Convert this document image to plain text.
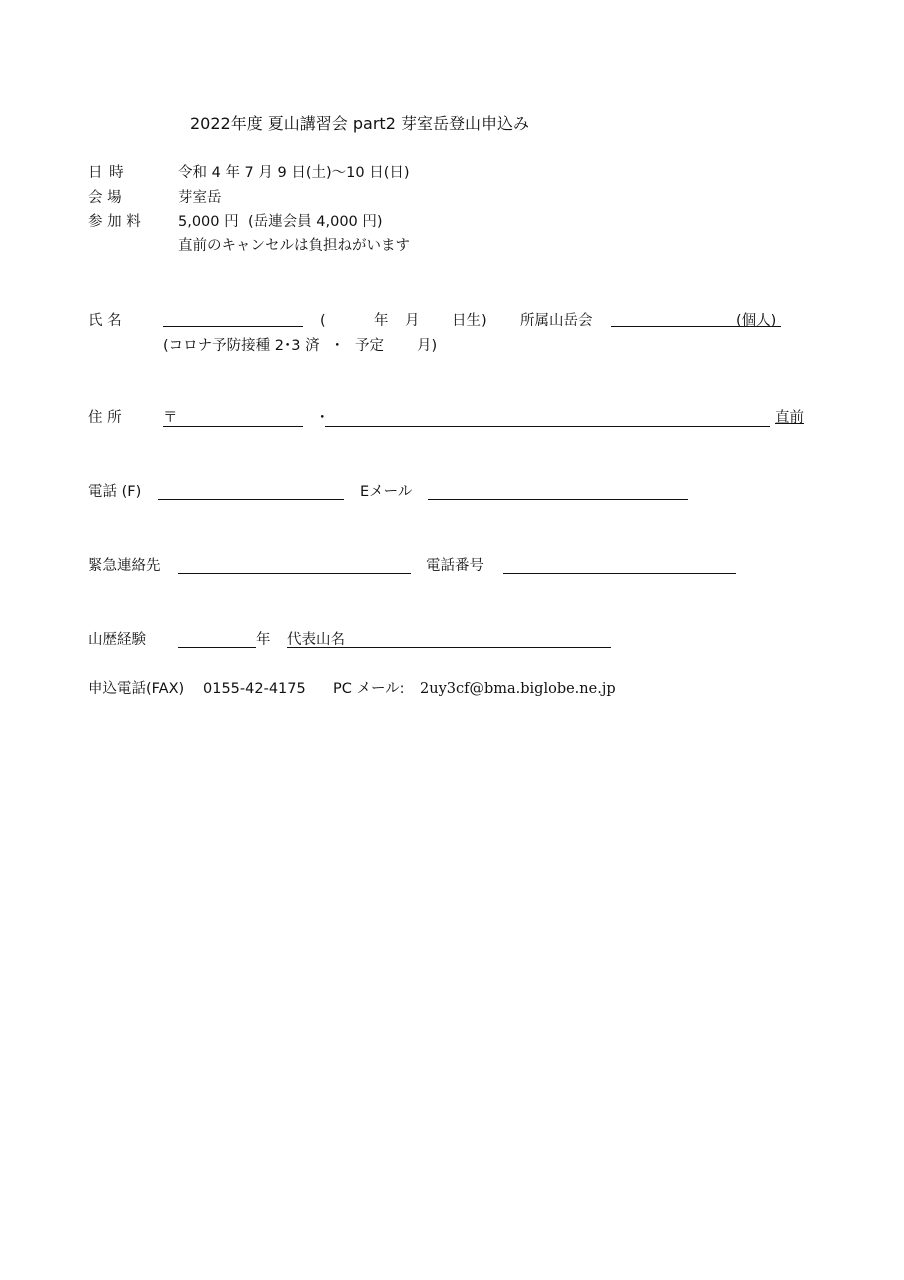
2022年度 夏山講習会 part2 芽室岳登山申込み
日 時	令和 4 年 7 月 9 日(土)～10 日(日)
会 場	芽室岳
参 加 料	5,000 円 (岳連会員 4,000 円)
直前のキャンセルは負担ねがいます
氏 名	(	年 月 日生) 所属山岳会	(個人)
(コロナ予防接種 2･3 済 ・ 予定 月)
住 所	〒	・	直前
電話 (F)	Eメール
緊急連絡先	電話番号
山歴経験	年 代表山名
申込電話(FAX) 0155-42-4175 PC メール: 2uy3cf@bma.biglobe.ne.jp
